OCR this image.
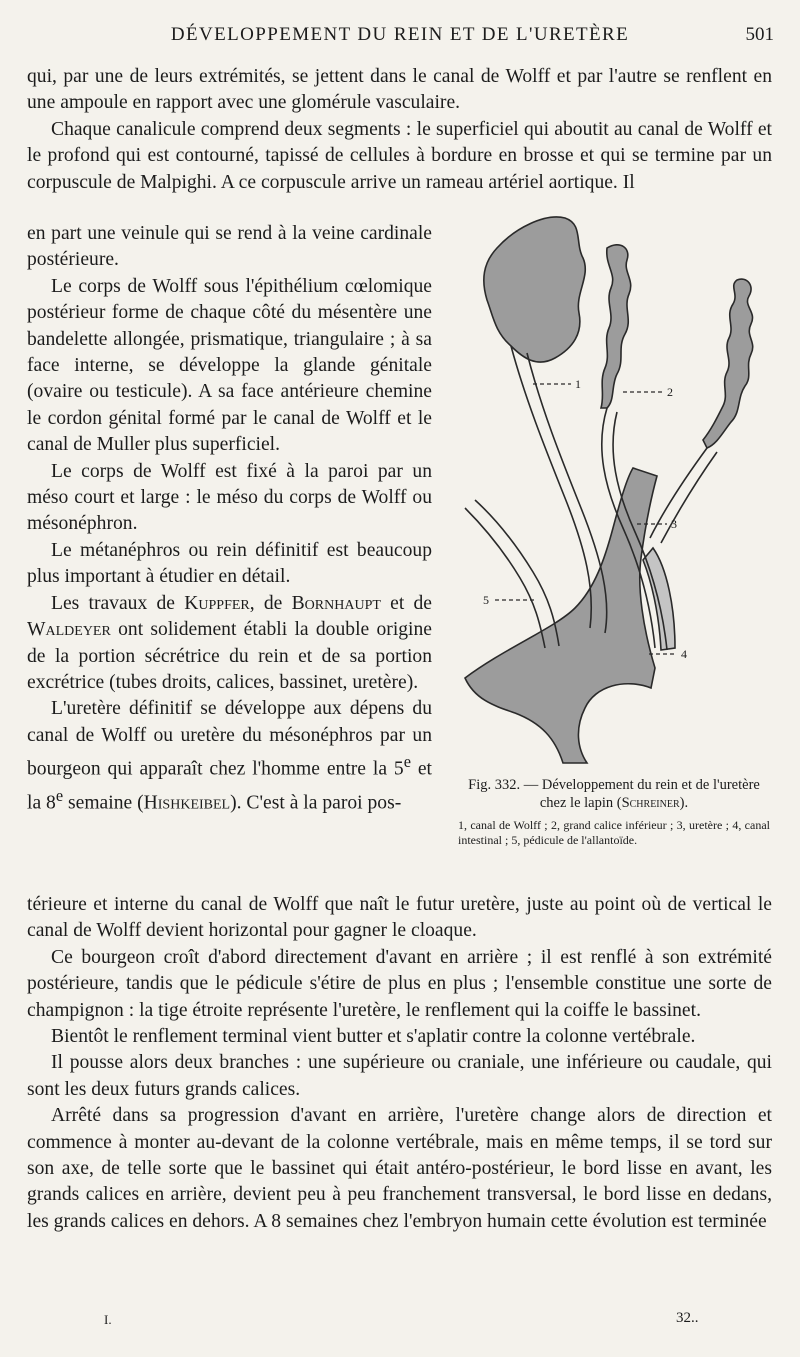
DÉVELOPPEMENT DU REIN ET DE L'URETÈRE	501

qui, par une de leurs extrémités, se jettent dans le canal de Wolff et par l'autre se renflent en une ampoule en rapport avec une glomérule vasculaire.

Chaque canalicule comprend deux segments : le superficiel qui aboutit au canal de Wolff et le profond qui est contourné, tapissé de cellules à bordure en brosse et qui se termine par un corpuscule de Malpighi. A ce corpuscule arrive un rameau artériel aortique. Il

en part une veinule qui se rend à la veine cardinale postérieure.

Le corps de Wolff sous l'épithélium cœlomique postérieur forme de chaque côté du mésentère une bandelette allongée, prismatique, triangulaire ; à sa face interne, se développe la glande génitale (ovaire ou testicule). A sa face antérieure chemine le cordon génital formé par le canal de Wolff et le canal de Muller plus superficiel.

Le corps de Wolff est fixé à la paroi par un méso court et large : le méso du corps de Wolff ou mésonéphron.

Le métanéphros ou rein définitif est beaucoup plus important à étudier en détail.

Les travaux de Kuppfer, de Bornhaupt et de Waldeyer ont solidement établi la double origine de la portion sécrétrice du rein et de sa portion excrétrice (tubes droits, calices, bassinet, uretère).

L'uretère définitif se développe aux dépens du canal de Wolff ou uretère du mésonéphros par un bourgeon qui apparaît chez l'homme entre la 5e et la 8e semaine (Hishkeibel). C'est à la paroi pos-

1
2
3
4
5

Fig. 332. — Développement du rein et de l'uretère chez le lapin (Schreiner).

1, canal de Wolff ; 2, grand calice inférieur ; 3, uretère ; 4, canal intestinal ; 5, pédicule de l'allantoïde.

térieure et interne du canal de Wolff que naît le futur uretère, juste au point où de vertical le canal de Wolff devient horizontal pour gagner le cloaque.

Ce bourgeon croît d'abord directement d'avant en arrière ; il est renflé à son extrémité postérieure, tandis que le pédicule s'étire de plus en plus ; l'ensemble constitue une sorte de champignon : la tige étroite représente l'uretère, le renflement qui la coiffe le bassinet.

Bientôt le renflement terminal vient butter et s'aplatir contre la colonne vertébrale.

Il pousse alors deux branches : une supérieure ou craniale, une inférieure ou caudale, qui sont les deux futurs grands calices.

Arrêté dans sa progression d'avant en arrière, l'uretère change alors de direction et commence à monter au-devant de la colonne vertébrale, mais en même temps, il se tord sur son axe, de telle sorte que le bassinet qui était antéro-postérieur, le bord lisse en avant, les grands calices en arrière, devient peu à peu franchement transversal, le bord lisse en dedans, les grands calices en dehors. A 8 semaines chez l'embryon humain cette évolution est terminée

I.	32..
